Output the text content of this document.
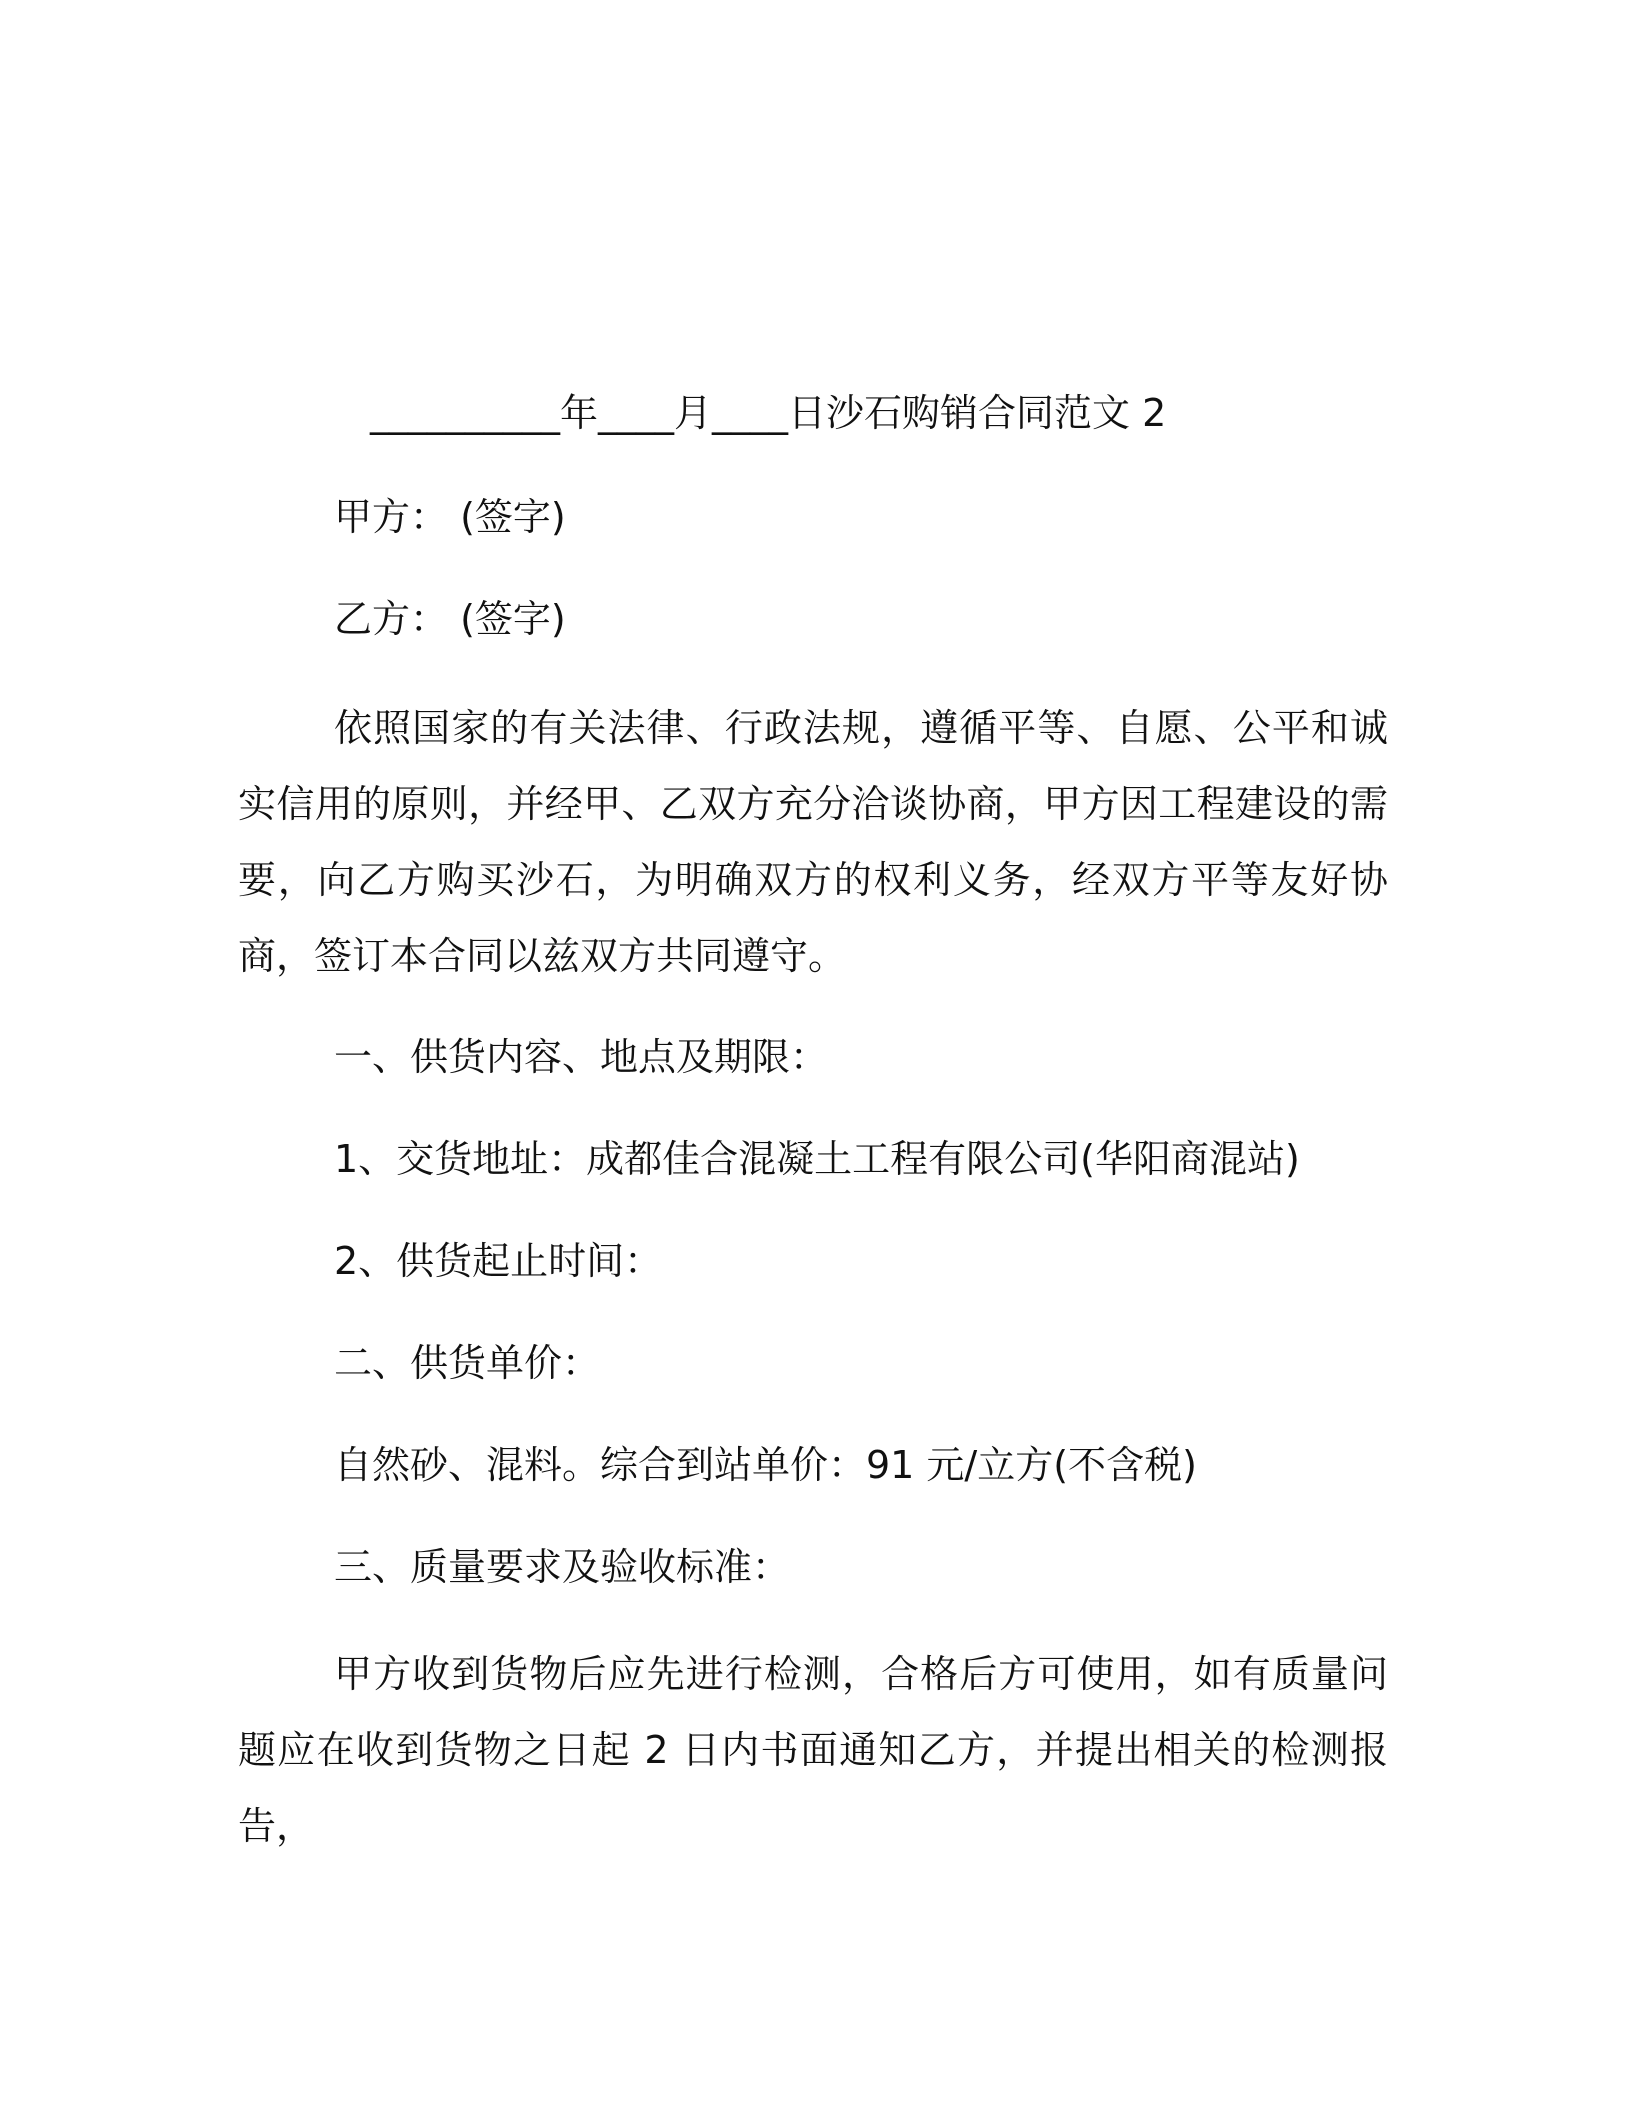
__________年____月____日沙石购销合同范文 2
甲方： (签字)
乙方： (签字)
依照国家的有关法律、行政法规，遵循平等、自愿、公平和诚实信用的原则，并经甲、乙双方充分洽谈协商，甲方因工程建设的需要，向乙方购买沙石，为明确双方的权利义务，经双方平等友好协商，签订本合同以兹双方共同遵守。
一、供货内容、地点及期限：
1、交货地址：成都佳合混凝土工程有限公司(华阳商混站)
2、供货起止时间：
二、供货单价：
自然砂、混料。综合到站单价：91 元/立方(不含税)
三、质量要求及验收标准：
甲方收到货物后应先进行检测，合格后方可使用，如有质量问题应在收到货物之日起 2 日内书面通知乙方，并提出相关的检测报告，
